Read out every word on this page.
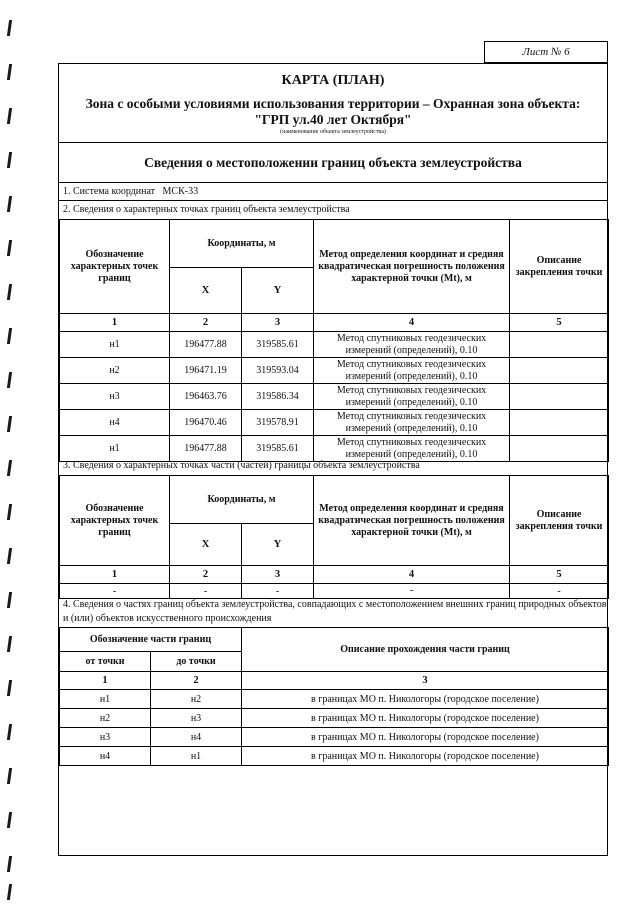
Лист № 6
КАРТА (ПЛАН)
Зона с особыми условиями использования территории – Охранная зона объекта:
"ГРП ул.40 лет Октября"
(наименование объекта землеустройства)
Сведения о местоположении границ объекта землеустройства
1. Система координат МСК-33
2. Сведения о характерных точках границ объекта землеустройства
Обозначение характерных точек границ	Координаты, м		Метод определения координат и средняя квадратическая погрешность положения характерной точки (Mt), м	Описание закрепления точки
	X	Y		
1	2	3	4	5
н1	196477.88	319585.61	Метод спутниковых геодезических измерений (определений), 0.10	
н2	196471.19	319593.04	Метод спутниковых геодезических измерений (определений), 0.10	
н3	196463.76	319586.34	Метод спутниковых геодезических измерений (определений), 0.10	
н4	196470.46	319578.91	Метод спутниковых геодезических измерений (определений), 0.10	
н1	196477.88	319585.61	Метод спутниковых геодезических измерений (определений), 0.10	
3. Сведения о характерных точках части (частей) границы объекта землеустройства
Обозначение характерных точек границ	Координаты, м		Метод определения координат и средняя квадратическая погрешность положения характерной точки (Mt), м	Описание закрепления точки
	X	Y		
1	2	3	4	5
-	-	-	-	-
4. Сведения о частях границ объекта землеустройства, совпадающих с местоположением внешних границ природных объектов и (или) объектов искусственного происхождения
Обозначение части границ		Описание прохождения части границ
от точки	до точки	
1	2	3
н1	н2	в границах МО п. Никологоры (городское поселение)
н2	н3	в границах МО п. Никологоры (городское поселение)
н3	н4	в границах МО п. Никологоры (городское поселение)
н4	н1	в границах МО п. Никологоры (городское поселение)
